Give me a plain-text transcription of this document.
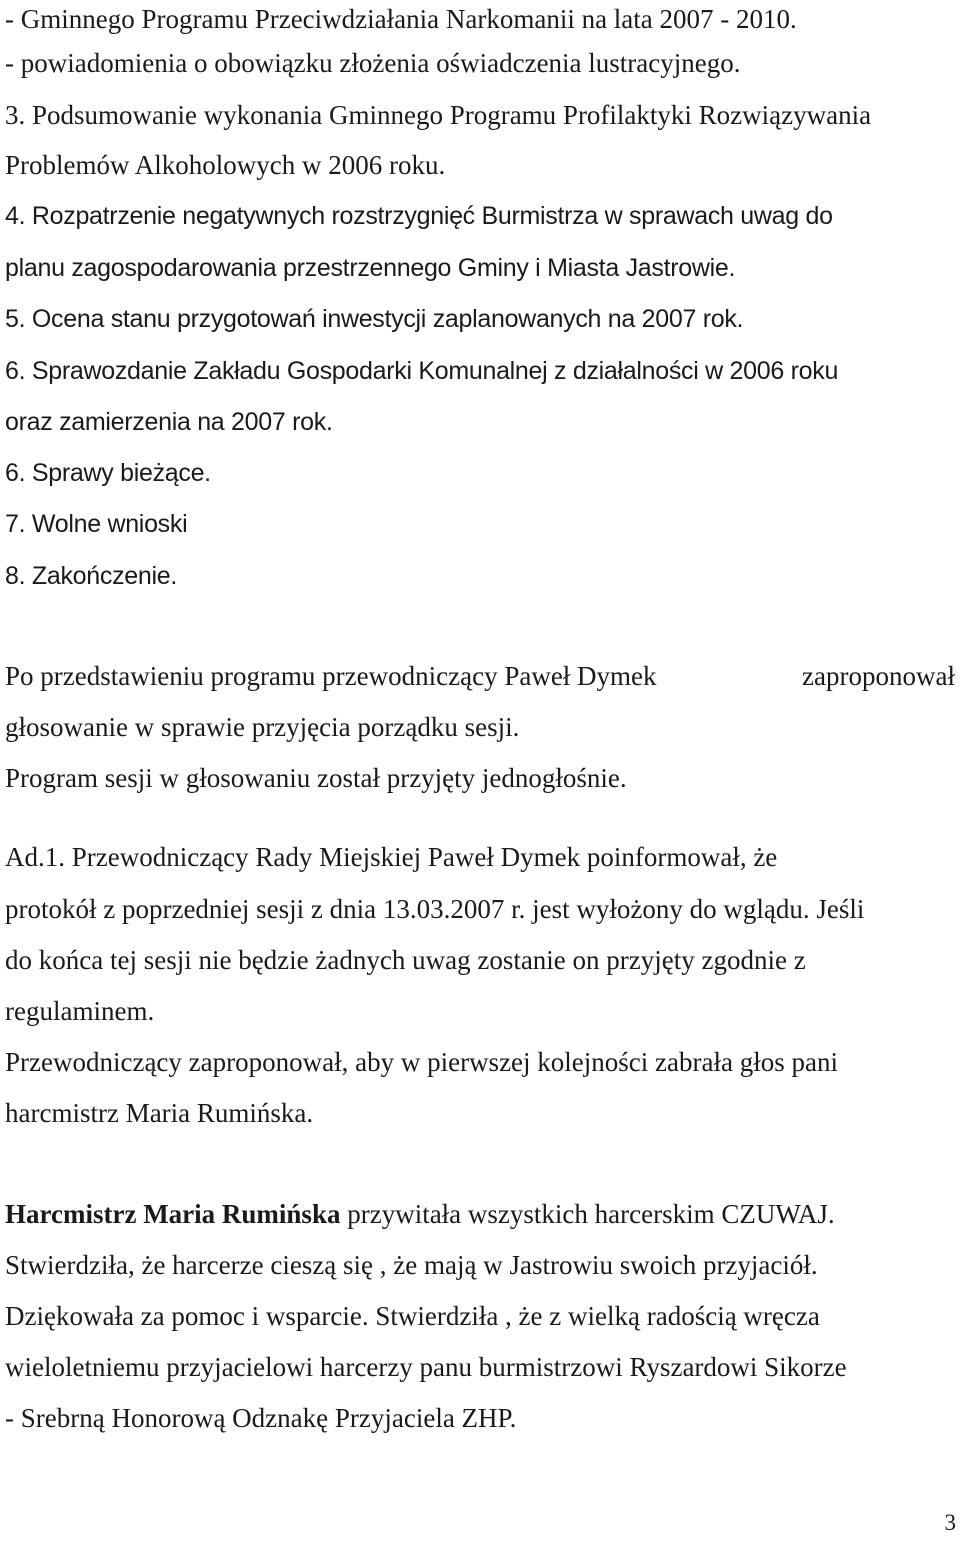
- Gminnego Programu Przeciwdziałania Narkomanii na lata 2007 - 2010.
- powiadomienia o obowiązku złożenia oświadczenia lustracyjnego.
3. Podsumowanie wykonania Gminnego Programu Profilaktyki Rozwiązywania
Problemów Alkoholowych w 2006 roku.
4. Rozpatrzenie negatywnych rozstrzygnięć Burmistrza w sprawach uwag do
planu zagospodarowania przestrzennego Gminy i Miasta Jastrowie.
5. Ocena stanu przygotowań inwestycji zaplanowanych na 2007 rok.
6. Sprawozdanie Zakładu Gospodarki Komunalnej z działalności w 2006 roku
oraz zamierzenia na 2007 rok.
6. Sprawy bieżące.
7. Wolne wnioski
8. Zakończenie.
Po przedstawieniu programu przewodniczący Paweł Dymek	zaproponował
głosowanie w sprawie przyjęcia porządku sesji.
Program sesji w głosowaniu został przyjęty jednogłośnie.
Ad.1. Przewodniczący Rady Miejskiej Paweł Dymek poinformował, że
protokół z poprzedniej sesji z dnia 13.03.2007 r. jest wyłożony do wglądu. Jeśli
do końca tej sesji nie będzie żadnych uwag zostanie on przyjęty zgodnie z
regulaminem.
Przewodniczący zaproponował, aby w pierwszej kolejności zabrała głos pani
harcmistrz Maria Rumińska.
Harcmistrz Maria Rumińska przywitała wszystkich harcerskim CZUWAJ.
Stwierdziła, że harcerze cieszą się , że mają w Jastrowiu swoich przyjaciół.
Dziękowała za pomoc i wsparcie. Stwierdziła , że z wielką radością wręcza
wieloletniemu przyjacielowi harcerzy panu burmistrzowi Ryszardowi Sikorze
- Srebrną Honorową Odznakę Przyjaciela ZHP.
3
